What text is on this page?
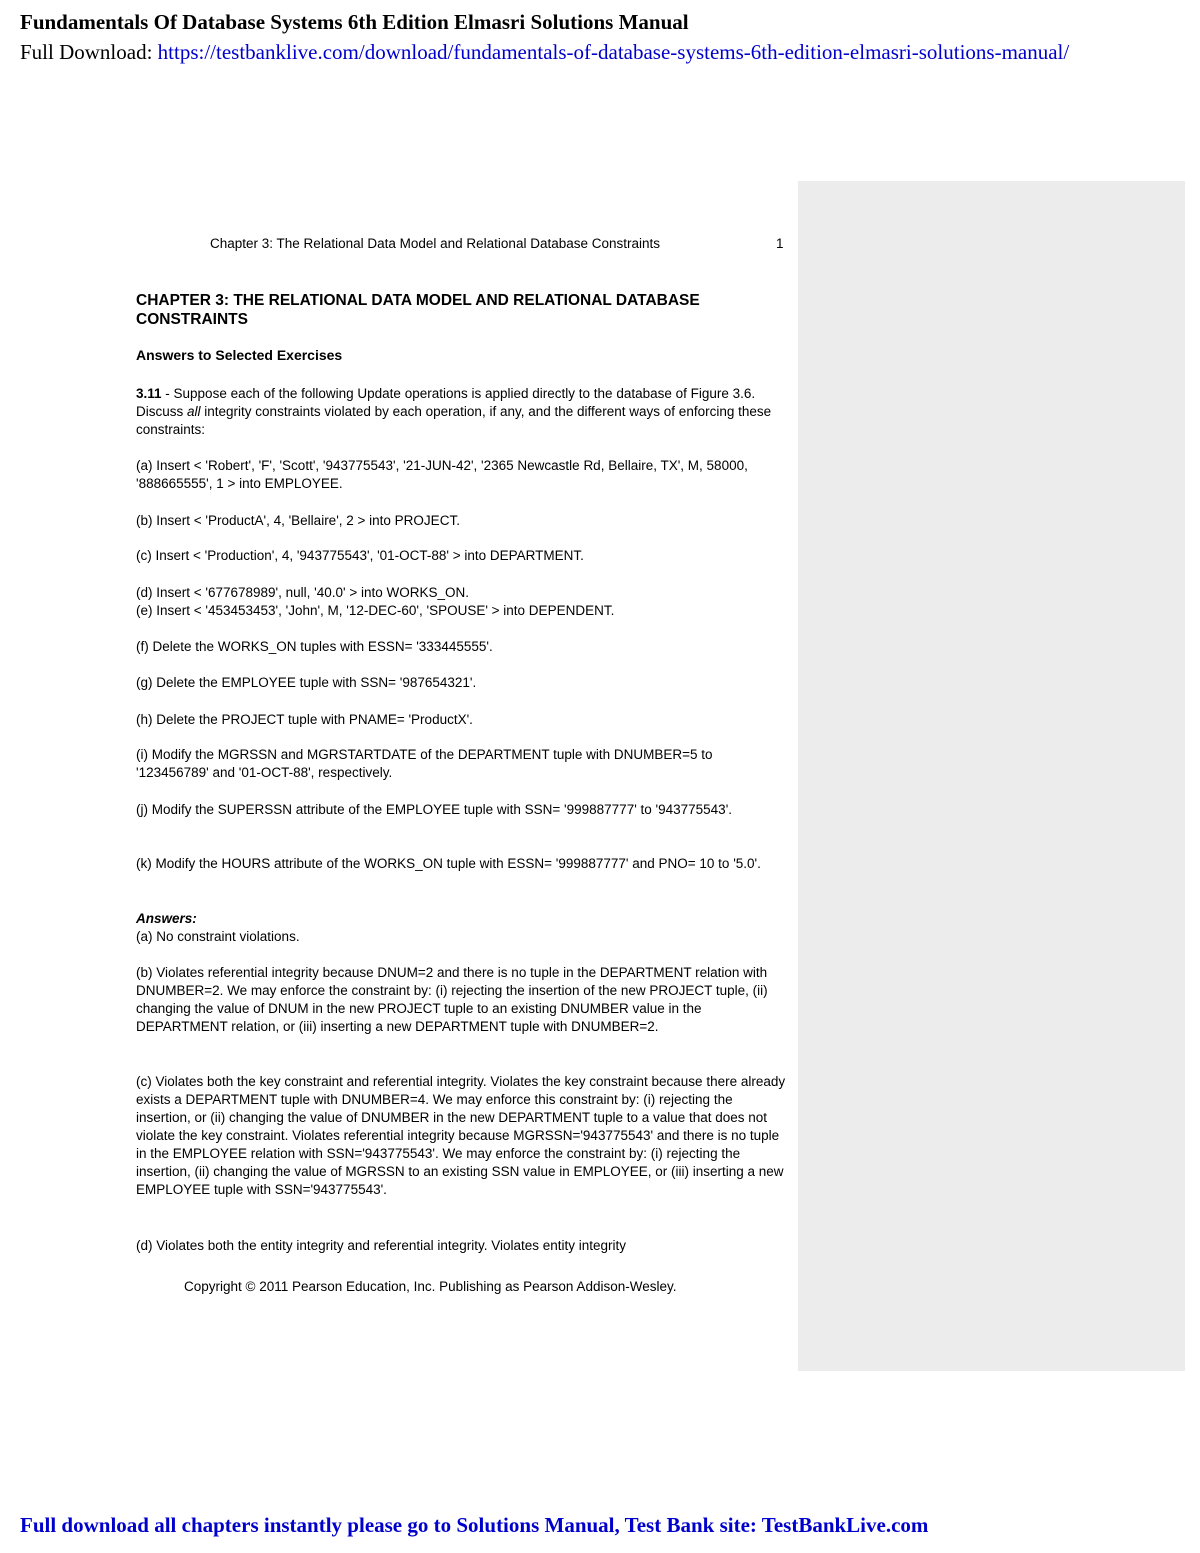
Fundamentals Of Database Systems 6th Edition Elmasri Solutions Manual
Full Download: https://testbanklive.com/download/fundamentals-of-database-systems-6th-edition-elmasri-solutions-manual/
Chapter 3: The Relational Data Model and Relational Database Constraints	1
CHAPTER 3: THE RELATIONAL DATA MODEL AND RELATIONAL DATABASE CONSTRAINTS
Answers to Selected Exercises
3.11 - Suppose each of the following Update operations is applied directly to the database of Figure 3.6. Discuss all integrity constraints violated by each operation, if any, and the different ways of enforcing these constraints:
(a) Insert < 'Robert', 'F', 'Scott', '943775543', '21-JUN-42', '2365 Newcastle Rd, Bellaire, TX', M, 58000, '888665555', 1 > into EMPLOYEE.
(b) Insert < 'ProductA', 4, 'Bellaire', 2 > into PROJECT.
(c) Insert < 'Production', 4, '943775543', '01-OCT-88' > into DEPARTMENT.
(d) Insert < '677678989', null, '40.0' > into WORKS_ON.
(e) Insert < '453453453', 'John', M, '12-DEC-60', 'SPOUSE' > into DEPENDENT.
(f) Delete the WORKS_ON tuples with ESSN= '333445555'.
(g) Delete the EMPLOYEE tuple with SSN= '987654321'.
(h) Delete the PROJECT tuple with PNAME= 'ProductX'.
(i) Modify the MGRSSN and MGRSTARTDATE of the DEPARTMENT tuple with DNUMBER=5 to '123456789' and '01-OCT-88', respectively.
(j) Modify the SUPERSSN attribute of the EMPLOYEE tuple with SSN= '999887777' to '943775543'.
(k) Modify the HOURS attribute of the WORKS_ON tuple with ESSN= '999887777' and PNO= 10 to '5.0'.
Answers:
(a) No constraint violations.
(b) Violates referential integrity because DNUM=2 and there is no tuple in the DEPARTMENT relation with DNUMBER=2. We may enforce the constraint by: (i) rejecting the insertion of the new PROJECT tuple, (ii) changing the value of DNUM in the new PROJECT tuple to an existing DNUMBER value in the DEPARTMENT relation, or (iii) inserting a new DEPARTMENT tuple with DNUMBER=2.
(c) Violates both the key constraint and referential integrity. Violates the key constraint because there already exists a DEPARTMENT tuple with DNUMBER=4. We may enforce this constraint by: (i) rejecting the insertion, or (ii) changing the value of DNUMBER in the new DEPARTMENT tuple to a value that does not violate the key constraint. Violates referential integrity because MGRSSN='943775543' and there is no tuple in the EMPLOYEE relation with SSN='943775543'. We may enforce the constraint by: (i) rejecting the insertion, (ii) changing the value of MGRSSN to an existing SSN value in EMPLOYEE, or (iii) inserting a new EMPLOYEE tuple with SSN='943775543'.
(d) Violates both the entity integrity and referential integrity. Violates entity integrity
Copyright © 2011 Pearson Education, Inc. Publishing as Pearson Addison-Wesley.
Full download all chapters instantly please go to Solutions Manual, Test Bank site: TestBankLive.com
